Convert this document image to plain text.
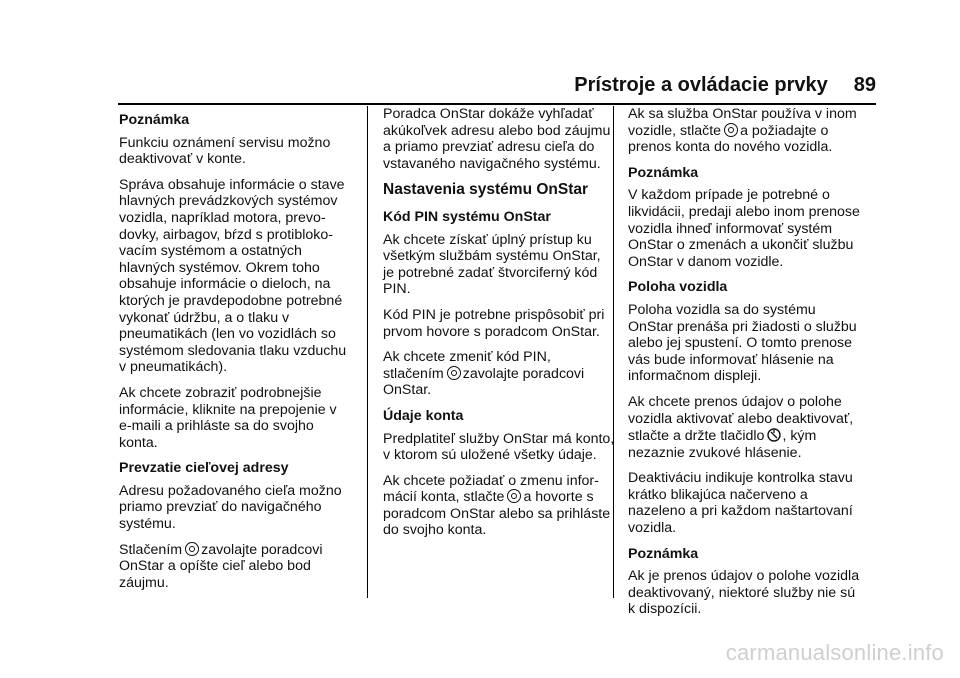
Prístroje a ovládacie prvky 89

Poznámka

Funkciu oznámení servisu možno deaktivovať v konte.

Správa obsahuje informácie o stave hlavných prevádzkových systémov vozidla, napríklad motora, prevo-dovky, airbagov, bŕzd s protibloko-vacím systémom a ostatných hlavných systémov. Okrem toho obsahuje informácie o dieloch, na ktorých je pravdepodobne potrebné vykonať údržbu, a o tlaku v pneumatikách (len vo vozidlách so systémom sledovania tlaku vzduchu v pneumatikách).

Ak chcete zobraziť podrobnejšie informácie, kliknite na prepojenie v e-maili a prihláste sa do svojho konta.

Prevzatie cieľovej adresy

Adresu požadovaného cieľa možno priamo prevziať do navigačného systému.

Stlačením zavolajte poradcovi OnStar a opíšte cieľ alebo bod záujmu.

Poradca OnStar dokáže vyhľadať akúkoľvek adresu alebo bod záujmu a priamo prevziať adresu cieľa do vstavaného navigačného systému.

Nastavenia systému OnStar

Kód PIN systému OnStar

Ak chcete získať úplný prístup ku všetkým službám systému OnStar, je potrebné zadať štvorciferný kód PIN.

Kód PIN je potrebne prispôsobiť pri prvom hovore s poradcom OnStar.

Ak chcete zmeniť kód PIN, stlačením zavolajte poradcovi OnStar.

Údaje konta

Predplatiteľ služby OnStar má konto, v ktorom sú uložené všetky údaje.

Ak chcete požiadať o zmenu infor-mácií konta, stlačte a hovorte s poradcom OnStar alebo sa prihláste do svojho konta.

Ak sa služba OnStar používa v inom vozidle, stlačte a požiadajte o prenos konta do nového vozidla.

Poznámka

V každom prípade je potrebné o likvidácii, predaji alebo inom prenose vozidla ihneď informovať systém OnStar o zmenách a ukončiť službu OnStar v danom vozidle.

Poloha vozidla

Poloha vozidla sa do systému OnStar prenáša pri žiadosti o službu alebo jej spustení. O tomto prenose vás bude informovať hlásenie na informačnom displeji.

Ak chcete prenos údajov o polohe vozidla aktivovať alebo deaktivovať, stlačte a držte tlačidlo , kým nezaznie zvukové hlásenie.

Deaktiváciu indikuje kontrolka stavu krátko blikajúca načerveno a nazeleno a pri každom naštartovaní vozidla.

Poznámka

Ak je prenos údajov o polohe vozidla deaktivovaný, niektoré služby nie sú k dispozícii.

carmanualsonline.info
